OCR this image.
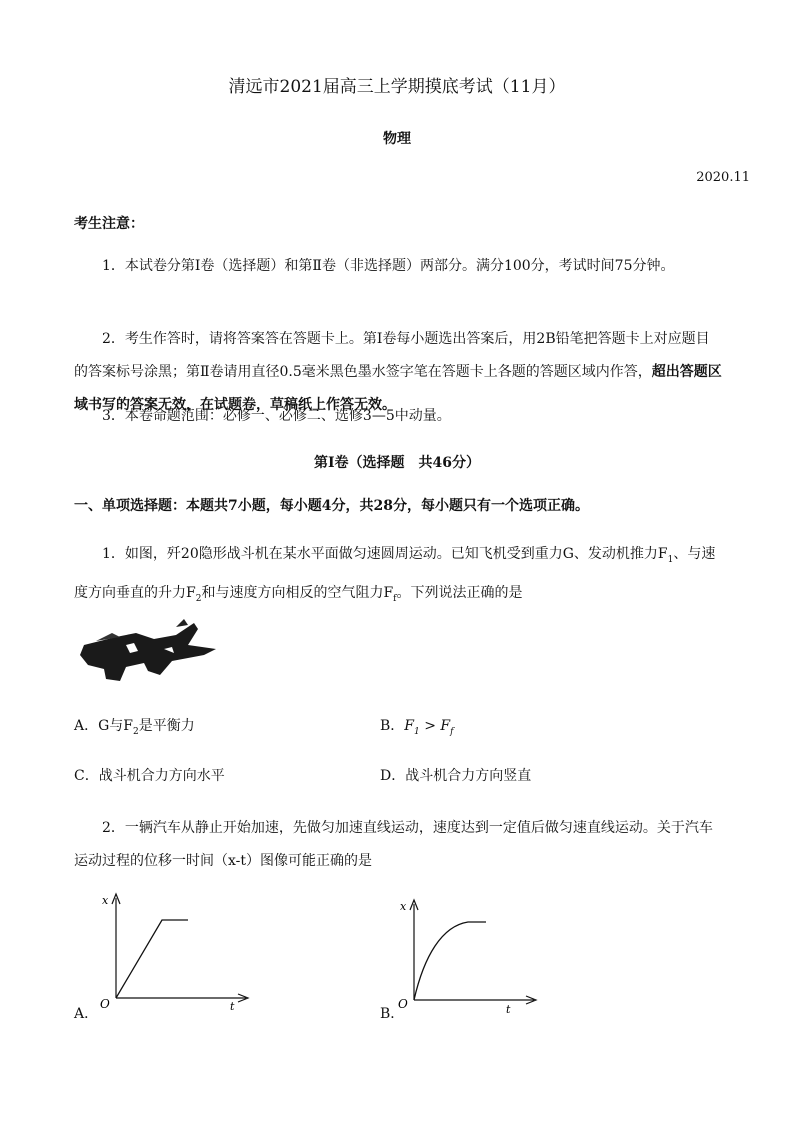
清远市2021届高三上学期摸底考试（11月）
物理
2020.11
考生注意：
1．本试卷分第Ⅰ卷（选择题）和第Ⅱ卷（非选择题）两部分。满分100分，考试时间75分钟。
2．考生作答时，请将答案答在答题卡上。第Ⅰ卷每小题选出答案后，用2B铅笔把答题卡上对应题目的答案标号涂黑；第Ⅱ卷请用直径0.5毫米黑色墨水签字笔在答题卡上各题的答题区域内作答，超出答题区域书写的答案无效，在试题卷，草稿纸上作答无效。
3．本卷命题范围：必修一、必修二、选修3—5中动量。
第Ⅰ卷（选择题　共46分）
一、单项选择题：本题共7小题，每小题4分，共28分，每小题只有一个选项正确。
1．如图，歼20隐形战斗机在某水平面做匀速圆周运动。已知飞机受到重力G、发动机推力$F_1$、与速度方向垂直的升力$F_2$和与速度方向相反的空气阻力$F_f$。下列说法正确的是
A．G与$F_2$是平衡力	B．$F_1 > F_f$
C．战斗机合力方向水平	D．战斗机合力方向竖直
2．一辆汽车从静止开始加速，先做匀加速直线运动，速度达到一定值后做匀速直线运动。关于汽车运动过程的位移一时间（x-t）图像可能正确的是
x
O	t
x
O	t
A．	B．
